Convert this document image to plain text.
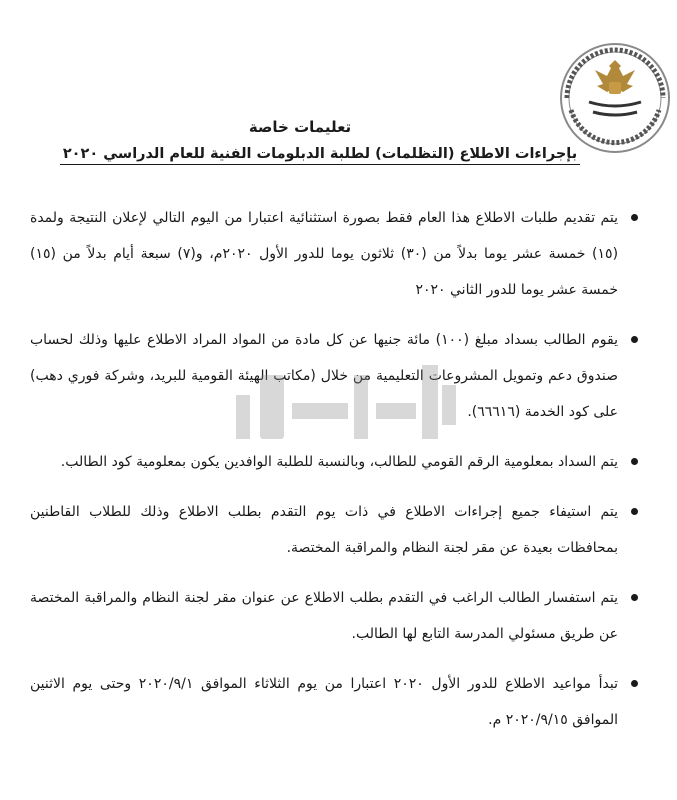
تعليمات خاصة
بإجراءات الاطلاع (التظلمات) لطلبة الدبلومات الفنية للعام الدراسي ٢٠٢٠
يتم تقديم طلبات الاطلاع هذا العام فقط بصورة استثنائية اعتبارا من اليوم التالي لإعلان النتيجة ولمدة (١٥) خمسة عشر يوما بدلاً من (٣٠) ثلاثون يوما للدور الأول ٢٠٢٠م، و(٧) سبعة أيام بدلاً من (١٥) خمسة عشر يوما للدور الثاني ٢٠٢٠
يقوم الطالب بسداد مبلغ (١٠٠) مائة جنيها عن كل مادة من المواد المراد الاطلاع عليها وذلك لحساب صندوق دعم وتمويل المشروعات التعليمية من خلال (مكاتب الهيئة القومية للبريد، وشركة فوري دهب) على كود الخدمة (٦٦٦١٦).
يتم السداد بمعلومية الرقم القومي للطالب، وبالنسبة للطلبة الوافدين يكون بمعلومية كود الطالب.
يتم استيفاء جميع إجراءات الاطلاع في ذات يوم التقدم بطلب الاطلاع وذلك للطلاب القاطنين بمحافظات بعيدة عن مقر لجنة النظام والمراقبة المختصة.
يتم استفسار الطالب الراغب في التقدم بطلب الاطلاع عن عنوان مقر لجنة النظام والمراقبة المختصة عن طريق مسئولي المدرسة التابع لها الطالب.
تبدأ مواعيد الاطلاع للدور الأول ٢٠٢٠ اعتبارا من يوم الثلاثاء الموافق ٢٠٢٠/٩/١ وحتى يوم الاثنين الموافق ٢٠٢٠/٩/١٥ م.
